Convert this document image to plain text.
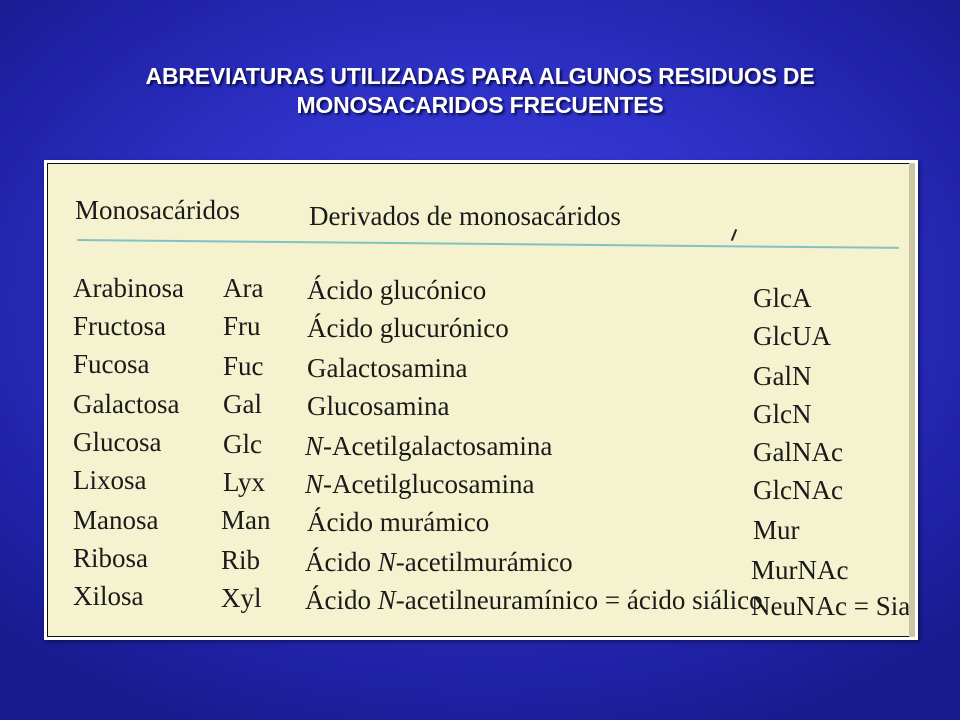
ABREVIATURAS UTILIZADAS PARA ALGUNOS RESIDUOS DE
MONOSACARIDOS FRECUENTES
Monosacáridos	Derivados de monosacáridos
Arabinosa
Fructosa
Fucosa
Galactosa
Glucosa
Lixosa
Manosa
Ribosa
Xilosa
Ara
Fru
Fuc
Gal
Glc
Lyx
Man
Rib
Xyl
Ácido glucónico
Ácido glucurónico
Galactosamina
Glucosamina
N-Acetilgalactosamina
N-Acetilglucosamina
Ácido murámico
Ácido N-acetilmurámico
Ácido N-acetilneuramínico = ácido siálico
GlcA
GlcUA
GalN
GlcN
GalNAc
GlcNAc
Mur
MurNAc
NeuNAc = Sia
